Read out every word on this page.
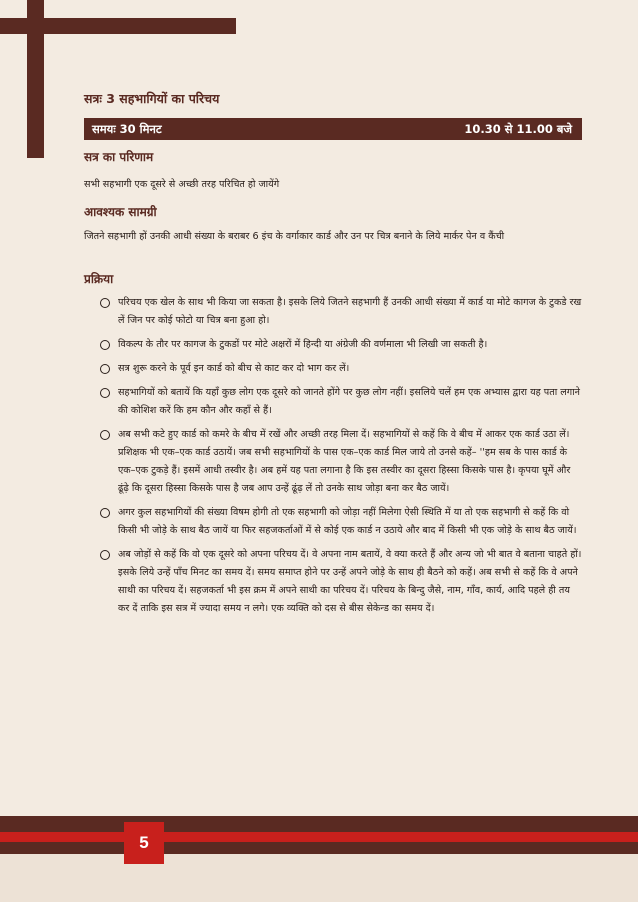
सत्रः 3 सहभागियों का परिचय
समयः 30 मिनट	10.30 से 11.00 बजे
सत्र का परिणाम
सभी सहभागी एक दूसरे से अच्छी तरह परिचित हो जायेंगे
आवश्यक सामग्री
जितने सहभागी हों उनकी आधी संख्या के बराबर 6 इंच के वर्गाकार कार्ड और उन पर चित्र बनाने के लिये मार्कर पेन व कैंची
प्रक्रिया
परिचय एक खेल के साथ भी किया जा सकता है। इसके लिये जितने सहभागी हैं उनकी आधी संख्या में कार्ड या मोटे कागज के टुकडे रख लें जिन पर कोई फोटो या चित्र बना हुआ हो।
विकल्प के तौर पर कागज के टुकडों पर मोटे अक्षरों में हिन्दी या अंग्रेजी की वर्णमाला भी लिखी जा सकती है।
सत्र शुरू करने के पूर्व इन कार्ड को बीच से काट कर दो भाग कर लें।
सहभागियों को बतायें कि यहाँ कुछ लोग एक दूसरे को जानते होंगे पर कुछ लोग नहीं। इसलिये चलें हम एक अभ्यास द्वारा यह पता लगाने की कोशिश करें कि हम कौन और कहाँ से हैं।
अब सभी कटे हुए कार्ड को कमरे के बीच में रखें और अच्छी तरह मिला दें। सहभागियों से कहें कि वे बीच में आकर एक कार्ड उठा लें। प्रशिक्षक भी एक–एक कार्ड उठायें। जब सभी सहभागियों के पास एक–एक कार्ड मिल जाये तो उनसे कहें– ''हम सब के पास कार्ड के एक–एक टुकड़े हैं। इसमें आधी तस्वीर है। अब हमें यह पता लगाना है कि इस तस्वीर का दूसरा हिस्सा किसके पास है। कृपया घूमें और ढूंढ़े कि दूसरा हिस्सा किसके पास है जब आप उन्हें ढूंढ़ लें तो उनके साथ जोड़ा बना कर बैठ जायें।
अगर कुल सहभागियों की संख्या विषम होगी तो एक सहभागी को जोड़ा नहीं मिलेगा ऐसी स्थिति में या तो एक सहभागी से कहें कि वो किसी भी जोड़े के साथ बैठ जायें या फिर सहजकर्ताओं में से कोई एक कार्ड न उठाये और बाद में किसी भी एक जोड़े के साथ बैठ जायें।
अब जोड़ों से कहें कि वो एक दूसरे को अपना परिचय दें। वे अपना नाम बतायें, वे क्या करते हैं और अन्य जो भी बात वे बताना चाहते हों। इसके लिये उन्हें पाँच मिनट का समय दें। समय समाप्त होने पर उन्हें अपने जोड़े के साथ ही बैठने को कहें। अब सभी से कहें कि वे अपने साथी का परिचय दें। सहजकर्ता भी इस क्रम में अपने साथी का परिचय दें। परिचय के बिन्दु जैसे, नाम, गाँव, कार्य, आदि पहले ही तय कर दें ताकि इस सत्र में ज्यादा समय न लगे। एक व्यक्ति को दस से बीस सेकेन्ड का समय दें।
5
